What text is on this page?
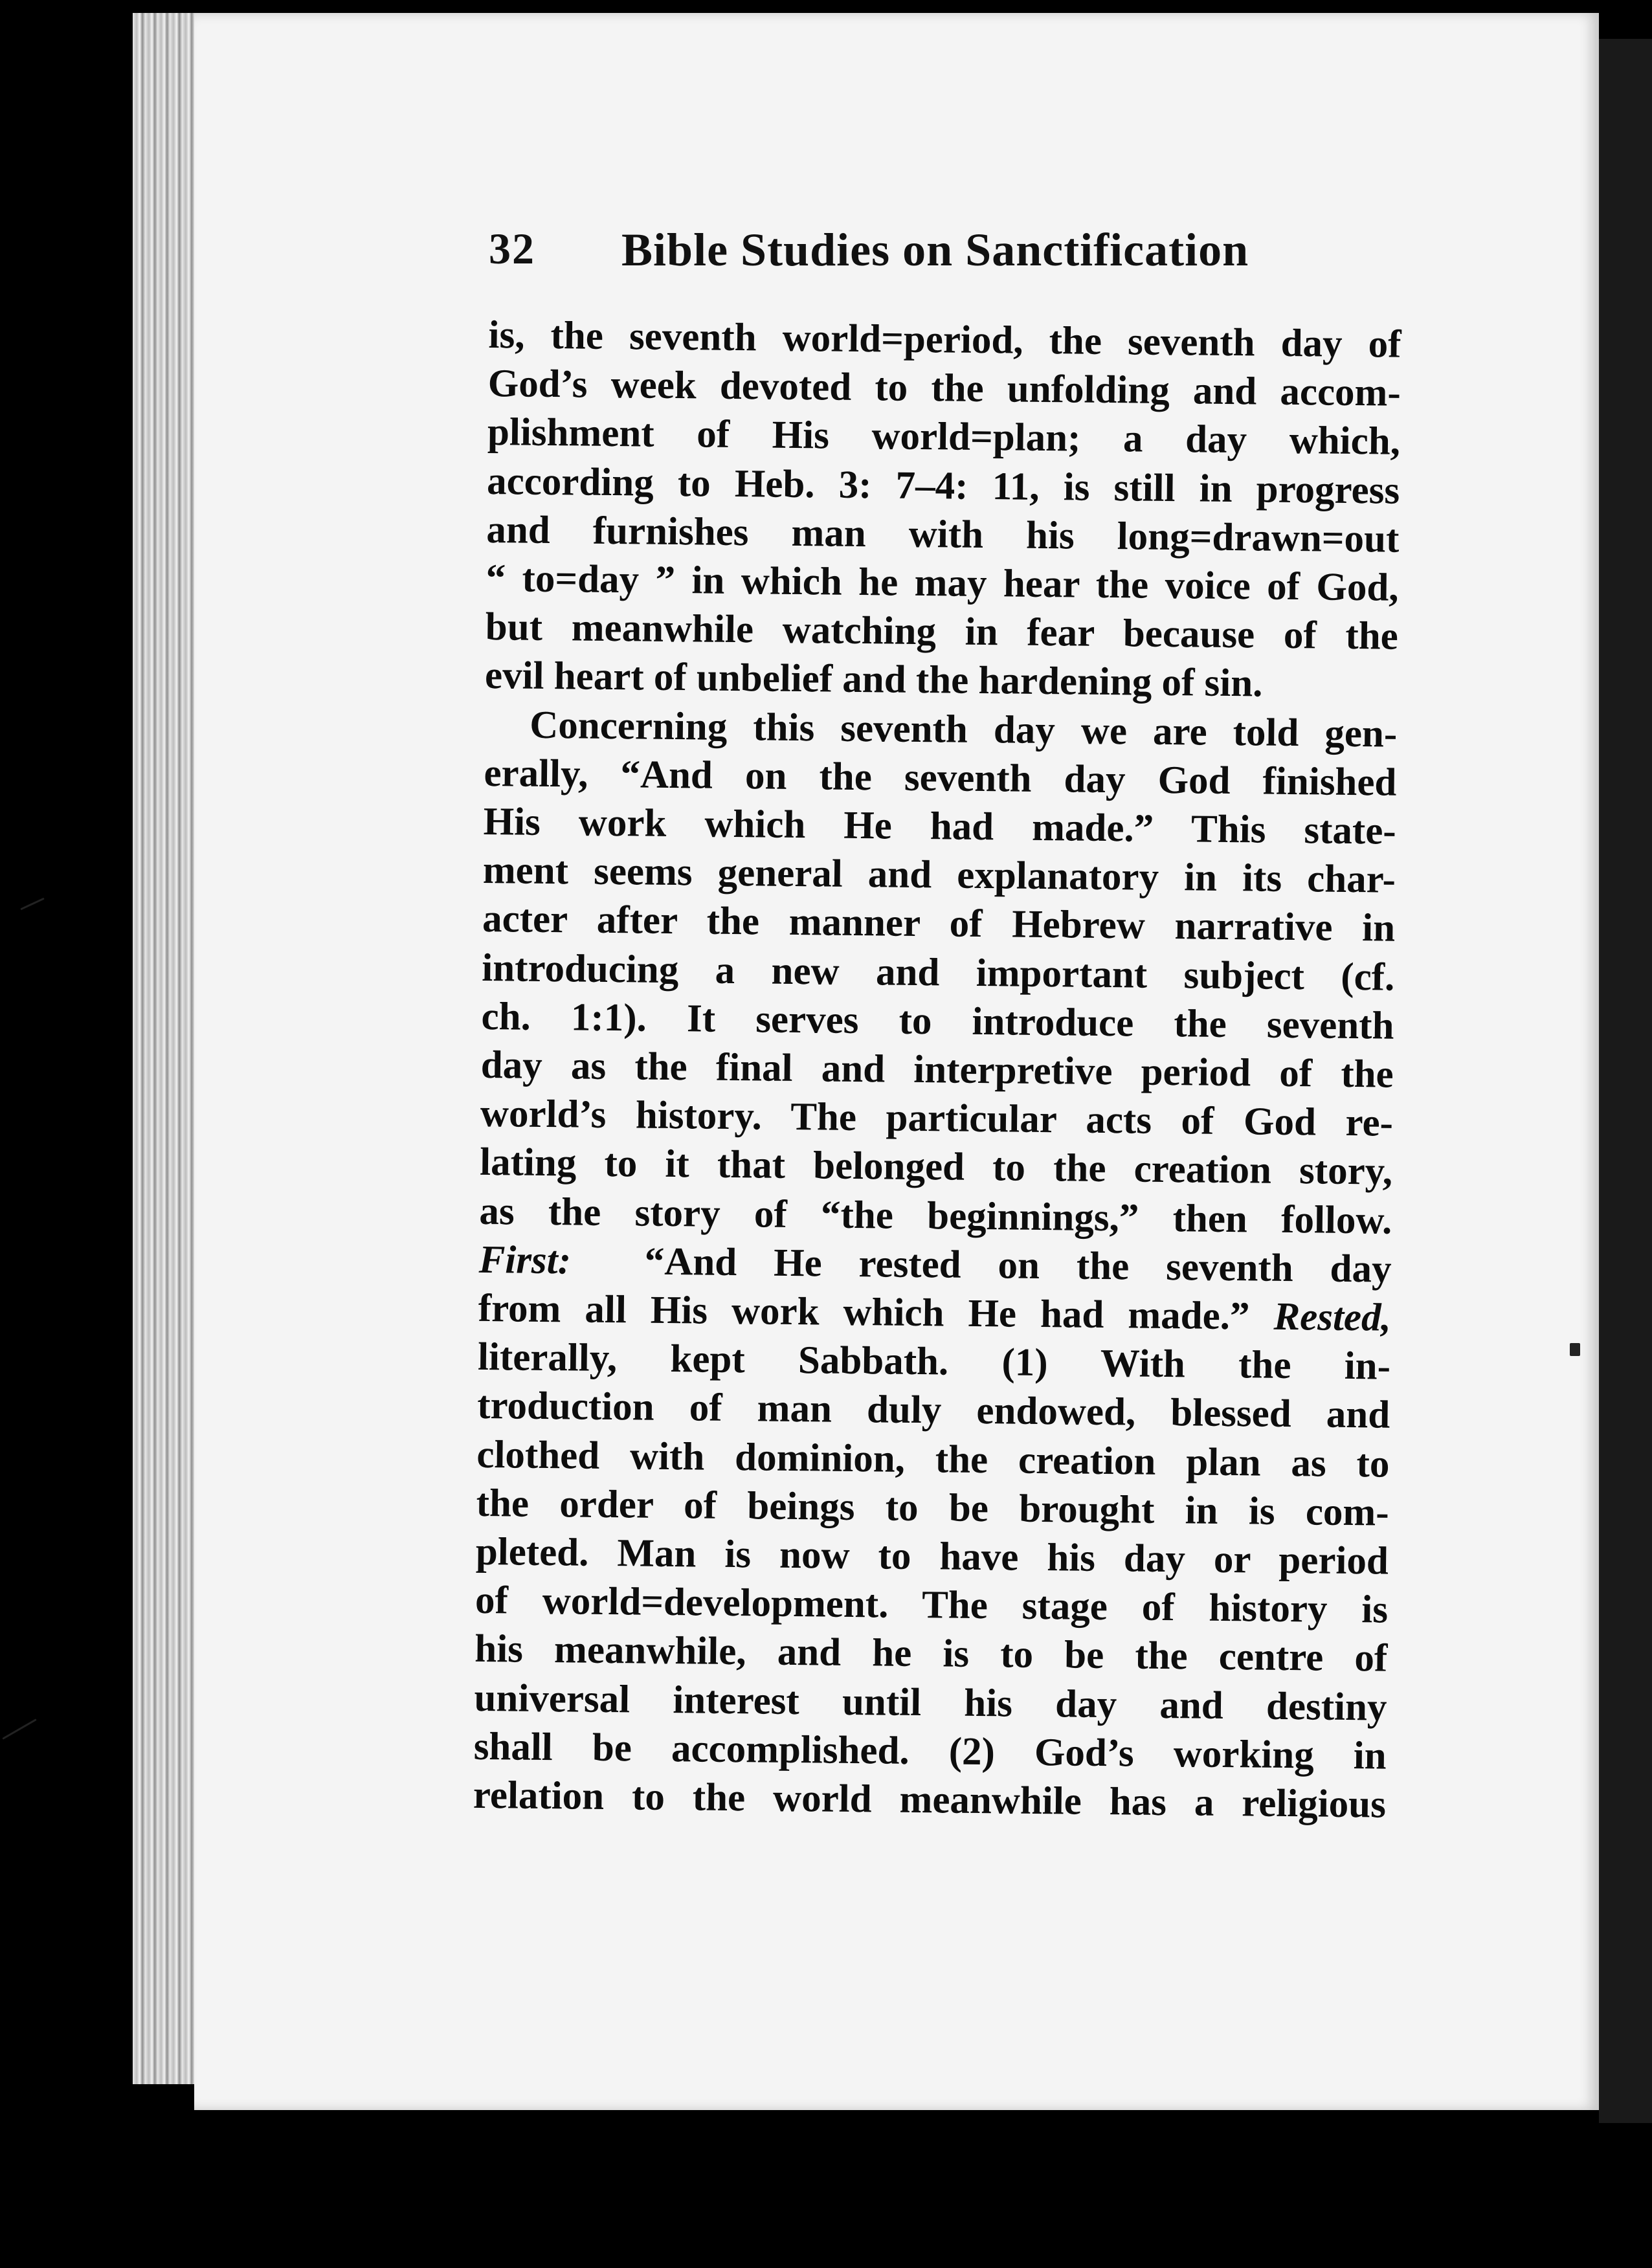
32 Bible Studies on Sanctification

is, the seventh world=period, the seventh day of
God’s week devoted to the unfolding and accom-
plishment of His world=plan; a day which,
according to Heb. 3: 7–4: 11, is still in progress
and furnishes man with his long=drawn=out
“ to=day ” in which he may hear the voice of God,
but meanwhile watching in fear because of the
evil heart of unbelief and the hardening of sin.

Concerning this seventh day we are told gen-
erally, “And on the seventh day God finished
His work which He had made.” This state-
ment seems general and explanatory in its char-
acter after the manner of Hebrew narrative in
introducing a new and important subject (cf.
ch. 1:1). It serves to introduce the seventh
day as the final and interpretive period of the
world’s history. The particular acts of God re-
lating to it that belonged to the creation story,
as the story of “the beginnings,” then follow.
First: “And He rested on the seventh day
from all His work which He had made.” Rested,
literally, kept Sabbath. (1) With the in-
troduction of man duly endowed, blessed and
clothed with dominion, the creation plan as to
the order of beings to be brought in is com-
pleted. Man is now to have his day or period
of world=development. The stage of history is
his meanwhile, and he is to be the centre of
universal interest until his day and destiny
shall be accomplished. (2) God’s working in
relation to the world meanwhile has a religious
